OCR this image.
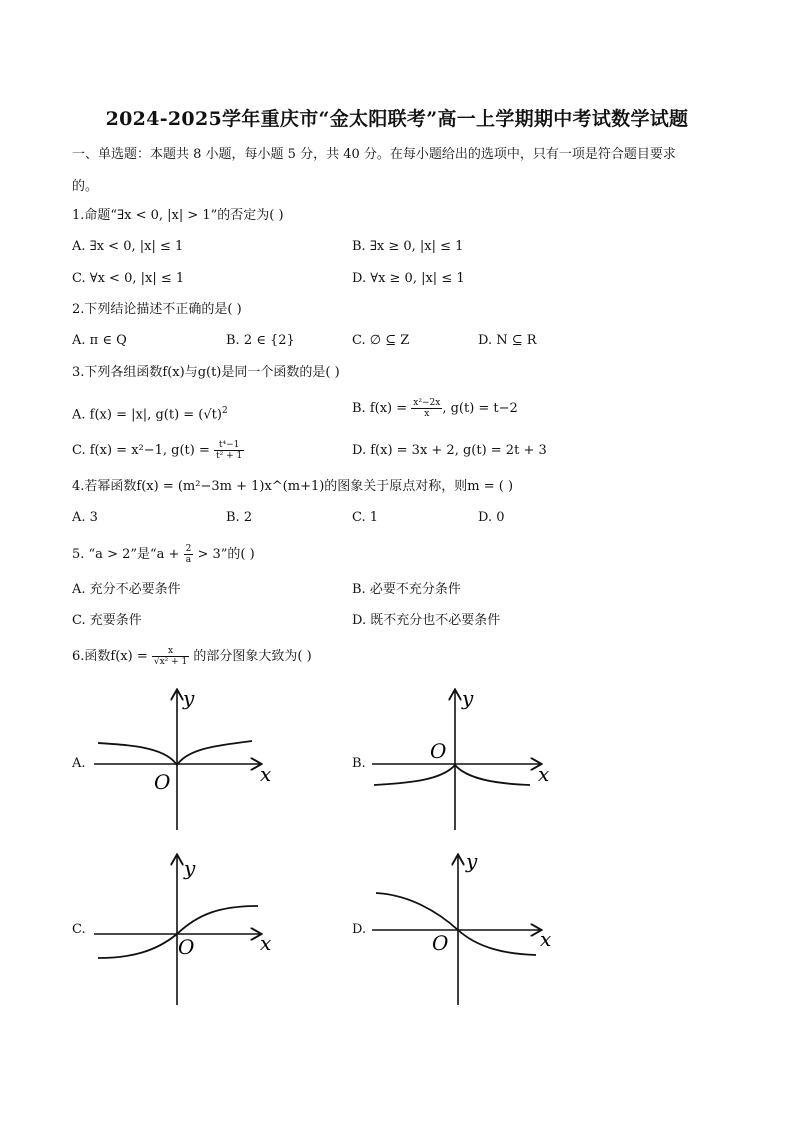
2024-2025学年重庆市“金太阳联考”高一上学期期中考试数学试题
一、单选题：本题共 8 小题，每小题 5 分，共 40 分。在每小题给出的选项中，只有一项是符合题目要求
的。
1.命题“∃x < 0, |x| > 1”的否定为( )
A. ∃x < 0, |x| ≤ 1	B. ∃x ≥ 0, |x| ≤ 1
C. ∀x < 0, |x| ≤ 1	D. ∀x ≥ 0, |x| ≤ 1
2.下列结论描述不正确的是( )
A. π ∈ Q	B. 2 ∈ {2}	C. ∅ ⊆ Z	D. N ⊆ R
3.下列各组函数f(x)与g(t)是同一个函数的是( )
A. f(x) = |x|, $g(t) = (√t)^2$	B. $f(x) = \frac{\text{x²−2x}}{x}$ , g(t) = t−2
C. f(x) = x²−1, $g(t) = \frac{\text{t⁴−1}}{\text{t² + 1}}$	D. f(x) = 3x + 2, g(t) = 2t + 3
4.若幂函数f(x) = (m²−3m + 1)x^(m+1)的图象关于原点对称，则m = ( )
A. 3	B. 2	C. 1	D. 0
5. “a > 2”是“$a + \frac{2}{a} > 3$”的( )
A. 充分不必要条件	B. 必要不充分条件
C. 充要条件	D. 既不充分也不必要条件
6.函数$f(x) = \frac{x}{\text{√x² + 1}}$ 的部分图象大致为( )
A.	B.
C.	D.
y
x
O
y
x
O
y
x
O
y
x
O
